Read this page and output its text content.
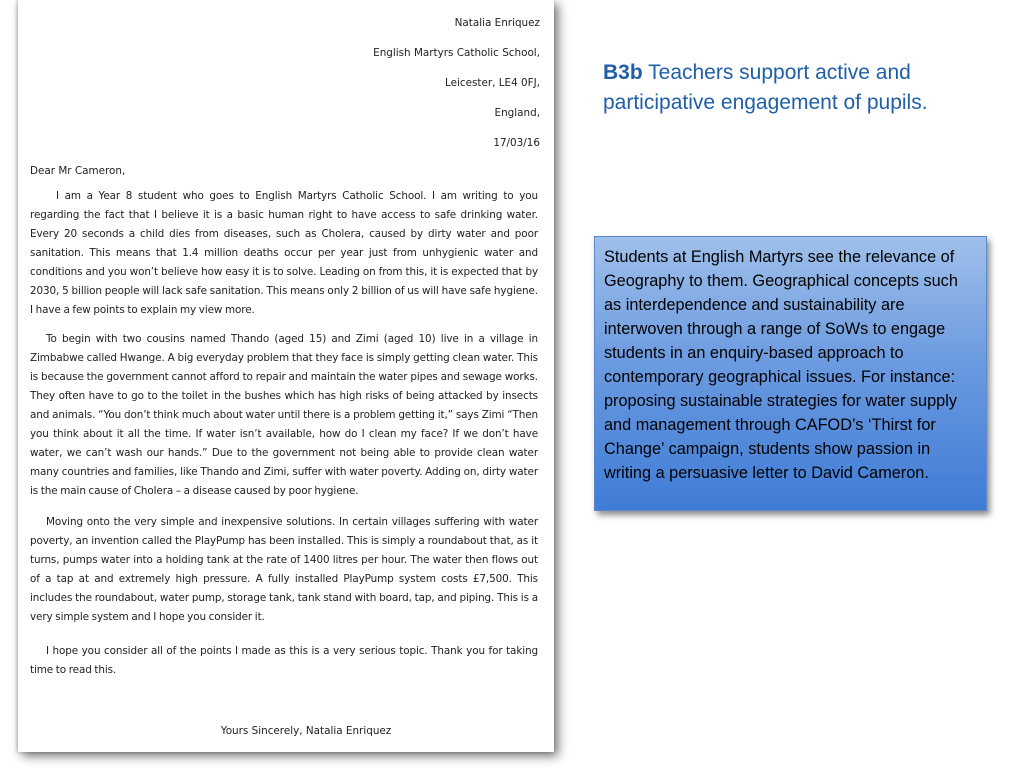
Natalia Enriquez
English Martyrs Catholic School,
Leicester, LE4 0FJ,
England,
17/03/16
Dear Mr Cameron,
I am a Year 8 student who goes to English Martyrs Catholic School. I am writing to you regarding the fact that I believe it is a basic human right to have access to safe drinking water. Every 20 seconds a child dies from diseases, such as Cholera, caused by dirty water and poor sanitation. This means that 1.4 million deaths occur per year just from unhygienic water and conditions and you won’t believe how easy it is to solve. Leading on from this, it is expected that by 2030, 5 billion people will lack safe sanitation. This means only 2 billion of us will have safe hygiene. I have a few points to explain my view more.
To begin with two cousins named Thando (aged 15) and Zimi (aged 10) live in a village in Zimbabwe called Hwange. A big everyday problem that they face is simply getting clean water. This is because the government cannot afford to repair and maintain the water pipes and sewage works. They often have to go to the toilet in the bushes which has high risks of being attacked by insects and animals. “You don’t think much about water until there is a problem getting it,” says Zimi “Then you think about it all the time. If water isn’t available, how do I clean my face? If we don’t have water, we can’t wash our hands.” Due to the government not being able to provide clean water many countries and families, like Thando and Zimi, suffer with water poverty. Adding on, dirty water is the main cause of Cholera – a disease caused by poor hygiene.
Moving onto the very simple and inexpensive solutions. In certain villages suffering with water poverty, an invention called the PlayPump has been installed. This is simply a roundabout that, as it turns, pumps water into a holding tank at the rate of 1400 litres per hour. The water then flows out of a tap at and extremely high pressure. A fully installed PlayPump system costs £7,500. This includes the roundabout, water pump, storage tank, tank stand with board, tap, and piping. This is a very simple system and I hope you consider it.
I hope you consider all of the points I made as this is a very serious topic. Thank you for taking time to read this.
Yours Sincerely, Natalia Enriquez
B3b Teachers support active and participative engagement of pupils.
Students at English Martyrs see the relevance of Geography to them. Geographical concepts such as interdependence and sustainability are interwoven through a range of SoWs to engage students in an enquiry-based approach to contemporary geographical issues. For instance: proposing sustainable strategies for water supply and management through CAFOD’s ‘Thirst for Change’ campaign, students show passion in writing a persuasive letter to David Cameron.
